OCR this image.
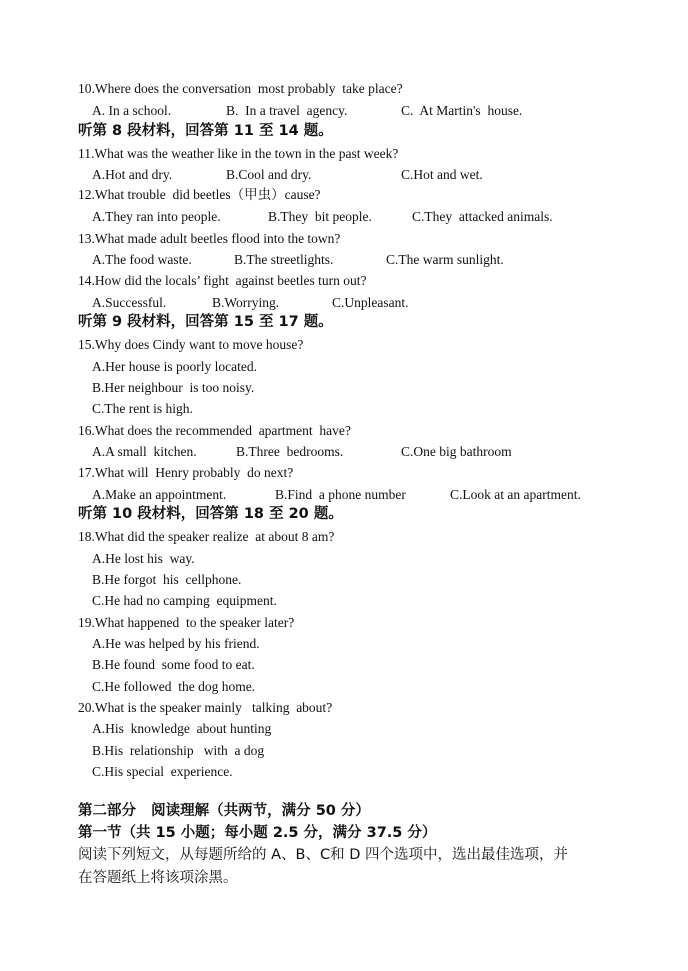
10.Where does the conversation  most probably  take place?
A. In a school.	B.  In a travel  agency.	C.  At Martin's  house.
听第 8 段材料，回答第 11 至 14 题。
11.What was the weather like in the town in the past week?
A.Hot and dry.	B.Cool and dry.	C.Hot and wet.
12.What trouble  did beetles（甲虫）cause?
A.They ran into people.	B.They  bit people.	C.They  attacked animals.
13.What made adult beetles flood into the town?
A.The food waste.	B.The streetlights.	C.The warm sunlight.
14.How did the locals’ fight  against beetles turn out?
A.Successful.	B.Worrying.	C.Unpleasant.
听第 9 段材料，回答第 15 至 17 题。
15.Why does Cindy want to move house?
A.Her house is poorly located.
B.Her neighbour  is too noisy.
C.The rent is high.
16.What does the recommended  apartment  have?
A.A small  kitchen.	B.Three  bedrooms.	C.One big bathroom
17.What will  Henry probably  do next?
A.Make an appointment.	B.Find  a phone number	C.Look at an apartment.
听第 10 段材料，回答第 18 至 20 题。
18.What did the speaker realize  at about 8 am?
A.He lost his  way.
B.He forgot  his  cellphone.
C.He had no camping  equipment.
19.What happened  to the speaker later?
A.He was helped by his friend.
B.He found  some food to eat.
C.He followed  the dog home.
20.What is the speaker mainly   talking  about?
A.His  knowledge  about hunting
B.His  relationship   with  a dog
C.His special  experience.
第二部分   阅读理解（共两节，满分 50 分）
第一节（共 15 小题；每小题 2.5 分，满分 37.5 分）
阅读下列短文，从每题所给的 A、B、C和 D 四个选项中，选出最佳选项，并
在答题纸上将该项涂黑。
